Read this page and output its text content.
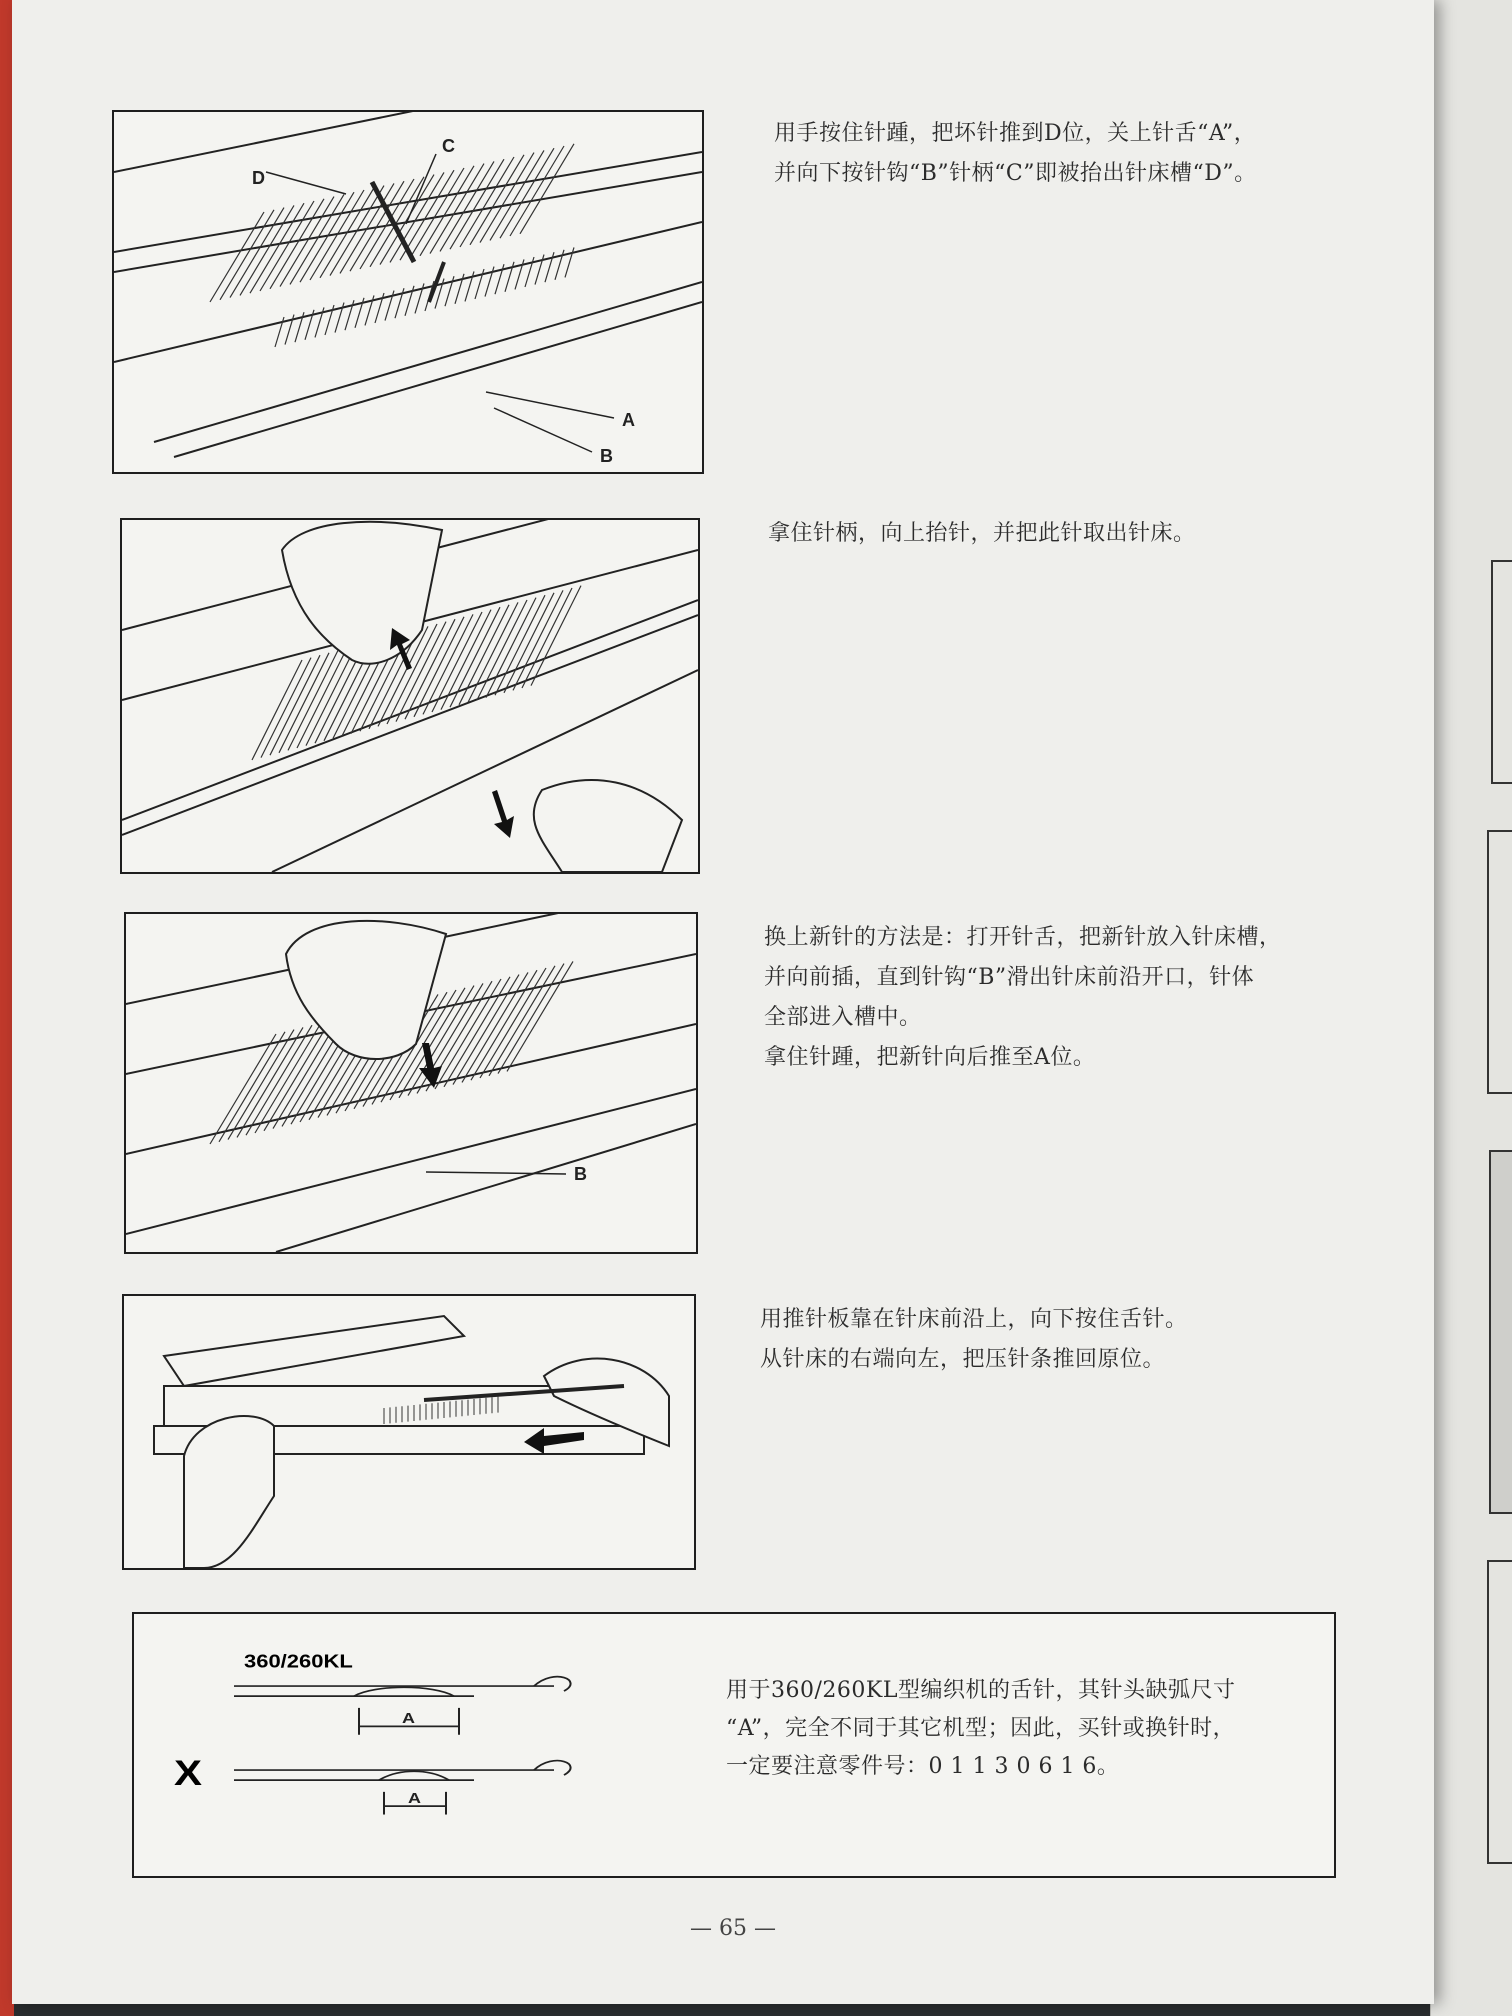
C
D
A
B
用手按住针踵，把坏针推到D位，关上针舌“A”，
并向下按针钩“B”针柄“C”即被抬出针床槽“D”。
拿住针柄，向上抬针，并把此针取出针床。
B
换上新针的方法是：打开针舌，把新针放入针床槽，
并向前插，直到针钩“B”滑出针床前沿开口，针体
全部进入槽中。
拿住针踵，把新针向后推至A位。
用推针板靠在针床前沿上，向下按住舌针。
从针床的右端向左，把压针条推回原位。
360/260KL
A
X
A
用于360/260KL型编织机的舌针，其针头缺弧尺寸
“A”，完全不同于其它机型；因此，买针或换针时，
一定要注意零件号：0 1 1 3 0 6 1 6。
— 65 —
